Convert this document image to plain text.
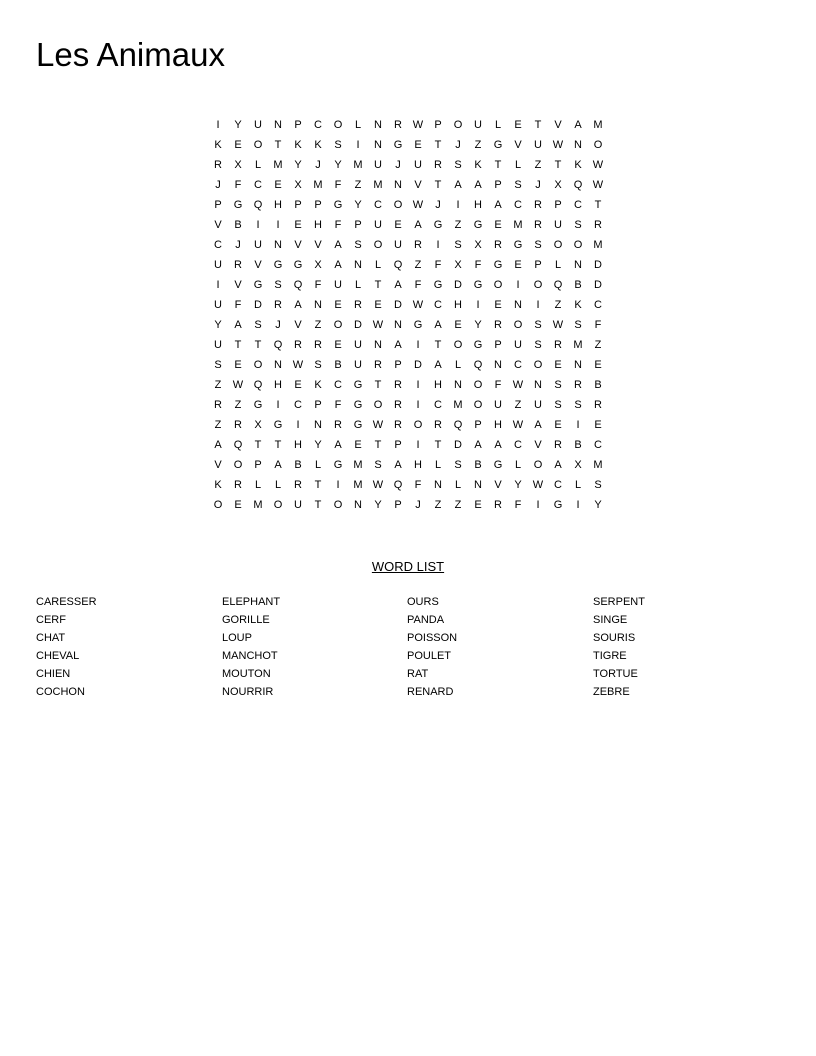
Les Animaux
I	Y	U	N	P	C	O	L	N	R W	P	O	U	L	E	T	V	A	M
K	E	O	T	K	K	S	I	N	G	E	T	J	Z	G	V	U W N	O
R	X	L	M	Y	J	Y	M	U	J	U	R	S	K	T	L	Z	T	K	W
J	F	C	E	X	M	F	Z	M	N	V	T	A	A	P	S	J	X	Q W
P	G	Q	H	P	P	G	Y	C	O W	J	I	H	A	C	R	P	C	T
V	B	I	I	E	H	F	P	U	E	A	G	Z	G	E	M	R	U	S	R
C	J	U	N	V	V	A	S	O	U	R	I	S	X	R	G	S	O	O	M
U	R	V	G	G	X	A	N	L	Q	Z	F	X	F	G	E	P	L	N	D
I	V	G	S	Q	F	U	L	T	A	F	G	D	G	O	I	O	Q	B	D
U	F	D	R	A	N	E	R	E	D W C	H	I	E	N	I	Z	K	C
Y	A	S	J	V	Z	O	D W N	G	A	E	Y	R	O	S	W	S	F
U	T	T	Q	R	R	E	U	N	A	I	T	O	G	P	U	S	R	M	Z
S	E	O	N W	S	B	U	R	P	D	A	L	Q	N	C	O	E	N	E
Z	W Q	H	E	K	C	G	T	R	I	H	N	O	F	W N	S	R	B
R	Z	G	I	C	P	F	G	O	R	I	C	M	O	U	Z	U	S	S	R
Z	R	X	G	I	N	R	G W R	O	R	Q	P	H W	A	E	I	E
A	Q	T	T	H	Y	A	E	T	P	I	T	D	A	A	C	V	R	B	C
V	O	P	A	B	L	G	M	S	A	H	L	S	B	G	L	O	A	X	M
K	R	L	L	R	T	I	M W Q	F	N	L	N	V	Y	W C	L	S
O	E	M	O	U	T	O	N	Y	P	J	Z	Z	E	R	F	I	G	I	Y
WORD LIST
CARESSER
CERF
CHAT
CHEVAL
CHIEN
COCHON
ELEPHANT
GORILLE
LOUP
MANCHOT
MOUTON
NOURRIR
OURS
PANDA
POISSON
POULET
RAT
RENARD
SERPENT
SINGE
SOURIS
TIGRE
TORTUE
ZEBRE
